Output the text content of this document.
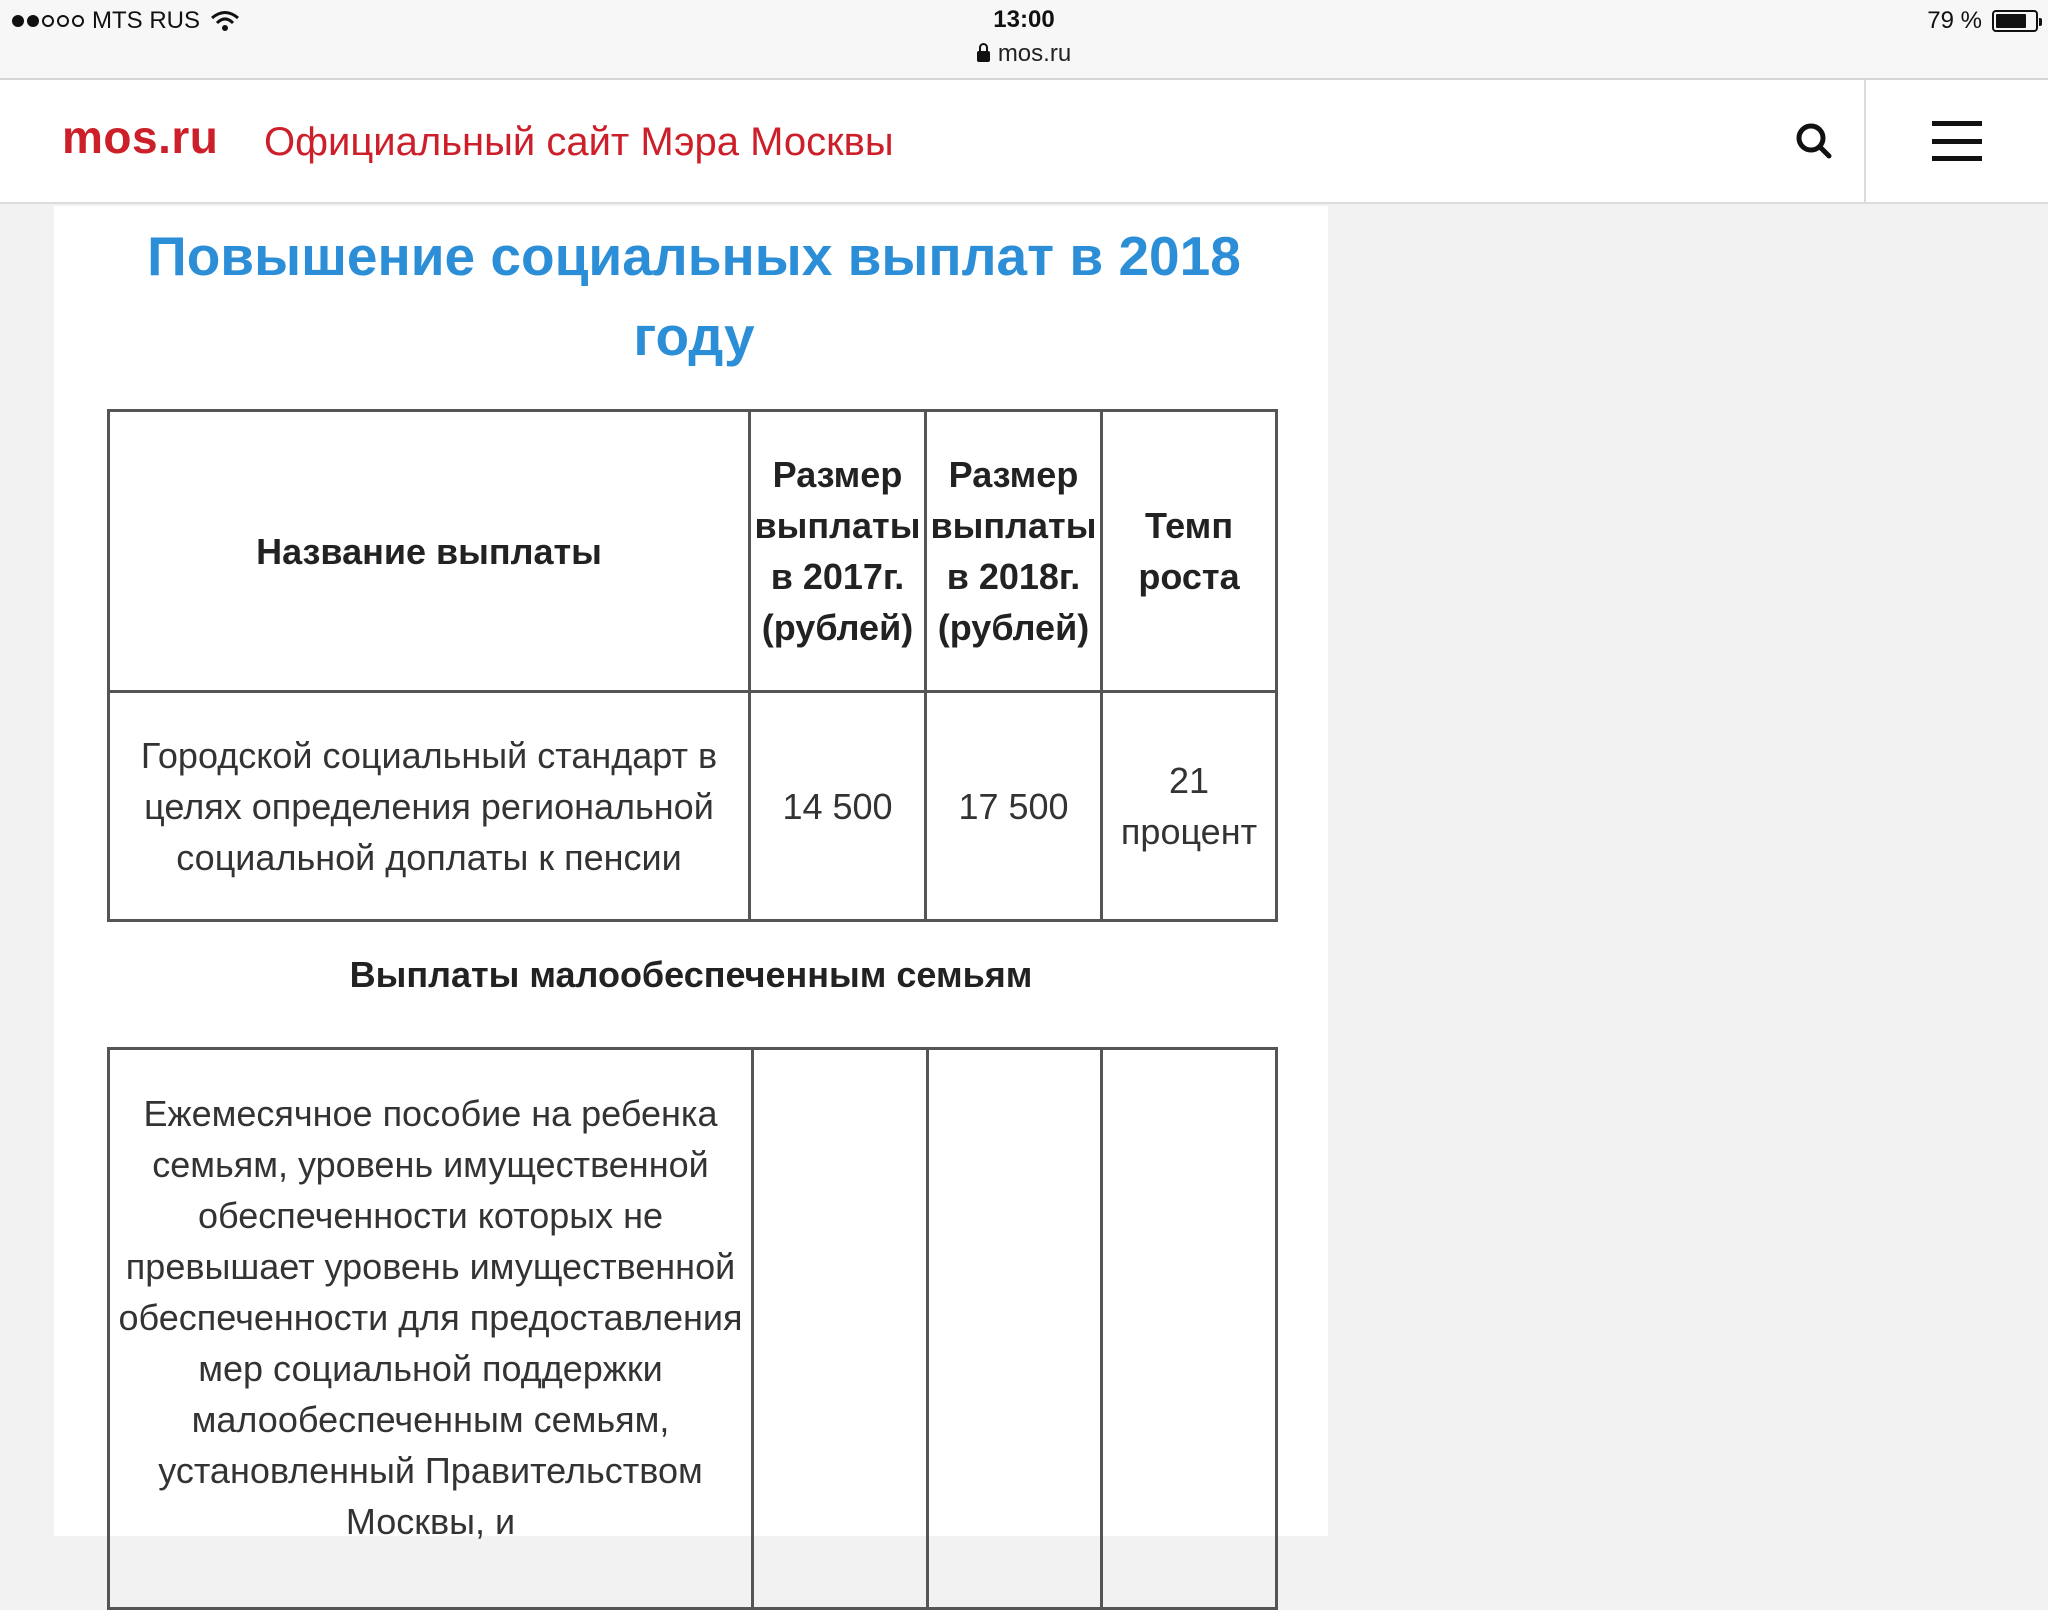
MTS RUS	13:00
mos.ru
79 %
mos.ru Официальный сайт Мэра Москвы
Повышение социальных выплат в 2018 году
Название выплаты	Размер выплаты в 2017г. (рублей)	Размер выплаты в 2018г. (рублей)	Темп роста
Городской социальный стандарт в целях определения региональной социальной доплаты к пенсии	14 500	17 500	21 процент
Выплаты малообеспеченным семьям
Ежемесячное пособие на ребенка семьям, уровень имущественной обеспеченности которых не превышает уровень имущественной обеспеченности для предоставления мер социальной поддержки малообеспеченным семьям, установленный Правительством Москвы, и			
